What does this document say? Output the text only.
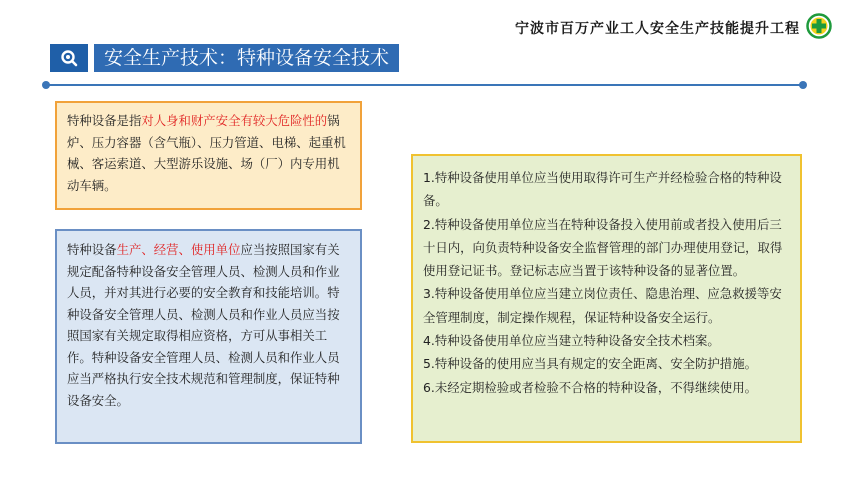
宁波市百万产业工人安全生产技能提升工程
安全生产技术：特种设备安全技术

特种设备是指对人身和财产安全有较大危险性的锅炉、压力容器（含气瓶）、压力管道、电梯、起重机械、客运索道、大型游乐设施、场（厂）内专用机动车辆。

特种设备生产、经营、使用单位应当按照国家有关规定配备特种设备安全管理人员、检测人员和作业人员，并对其进行必要的安全教育和技能培训。特种设备安全管理人员、检测人员和作业人员应当按照国家有关规定取得相应资格，方可从事相关工作。特种设备安全管理人员、检测人员和作业人员应当严格执行安全技术规范和管理制度，保证特种设备安全。

1.特种设备使用单位应当使用取得许可生产并经检验合格的特种设备。

2.特种设备使用单位应当在特种设备投入使用前或者投入使用后三十日内，向负责特种设备安全监督管理的部门办理使用登记，取得使用登记证书。登记标志应当置于该特种设备的显著位置。

3.特种设备使用单位应当建立岗位责任、隐患治理、应急救援等安全管理制度，制定操作规程，保证特种设备安全运行。

4.特种设备使用单位应当建立特种设备安全技术档案。

5.特种设备的使用应当具有规定的安全距离、安全防护措施。

6.未经定期检验或者检验不合格的特种设备，不得继续使用。
